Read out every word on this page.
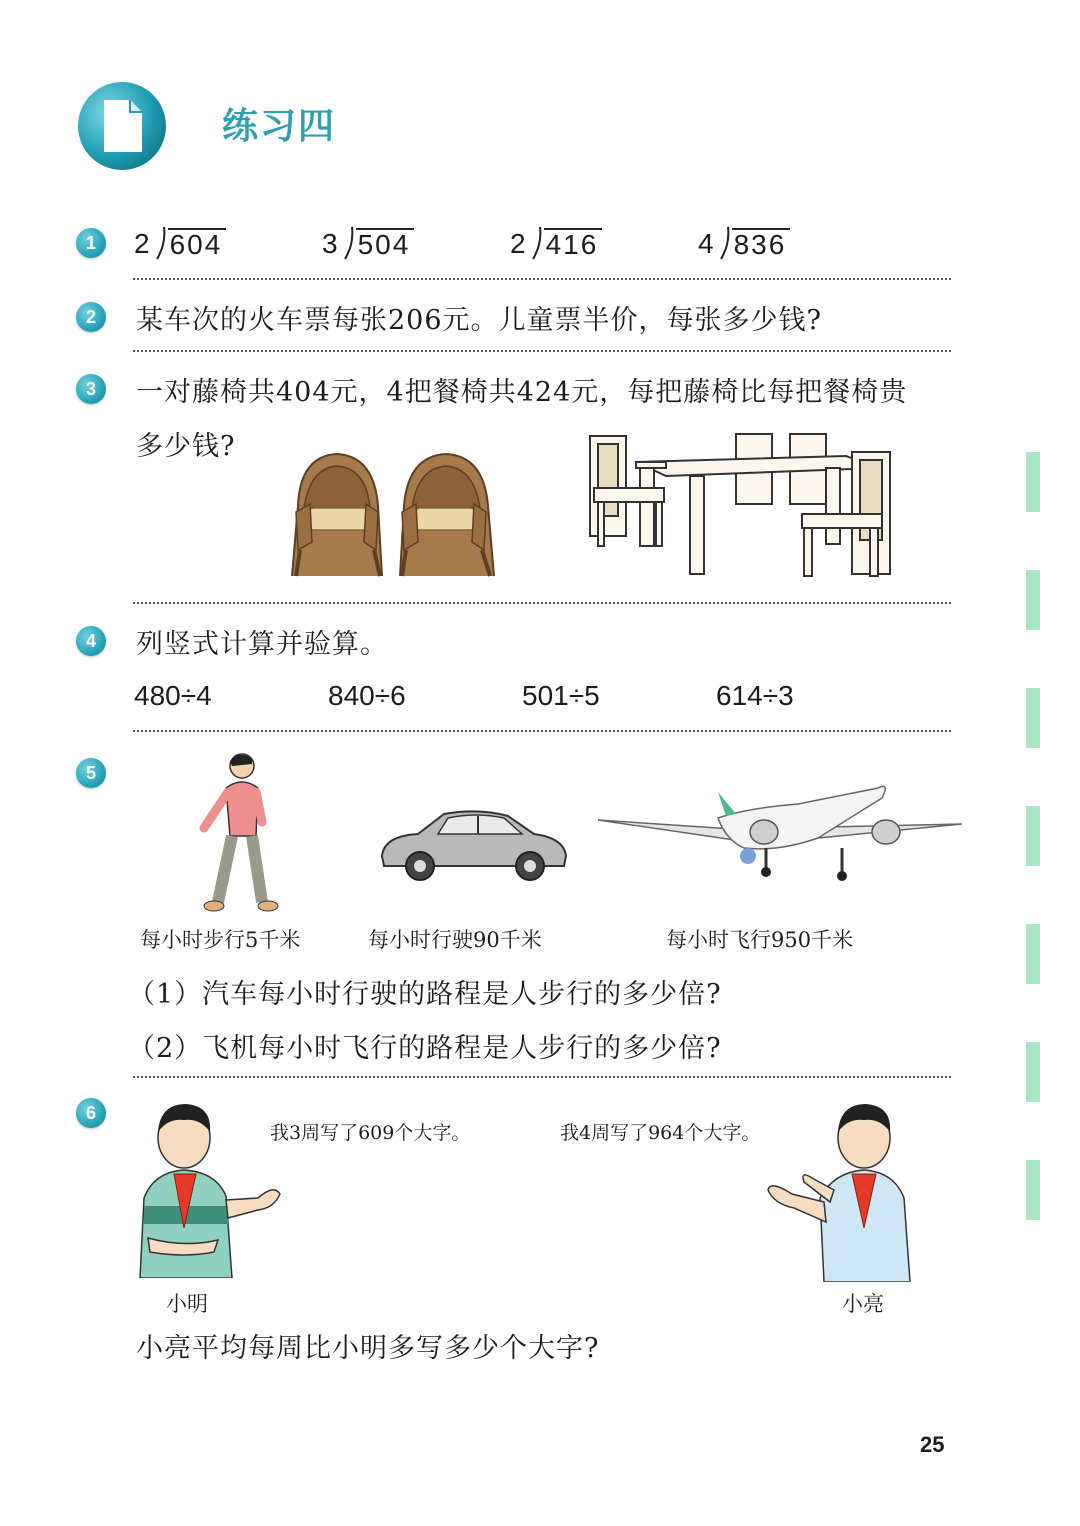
练习四
1	2 604	3 504	2 416	4 836
2	某车次的火车票每张206元。儿童票半价，每张多少钱?
3	一对藤椅共404元，4把餐椅共424元，每把藤椅比每把餐椅贵
多少钱?
4	列竖式计算并验算。
480÷4	840÷6	501÷5	614÷3
5
每小时步行5千米	每小时行驶90千米	每小时飞行950千米
（1）汽车每小时行驶的路程是人步行的多少倍?
（2）飞机每小时飞行的路程是人步行的多少倍?
6
我3周写了609个大字。	我4周写了964个大字。
小明	小亮
小亮平均每周比小明多写多少个大字?
25
